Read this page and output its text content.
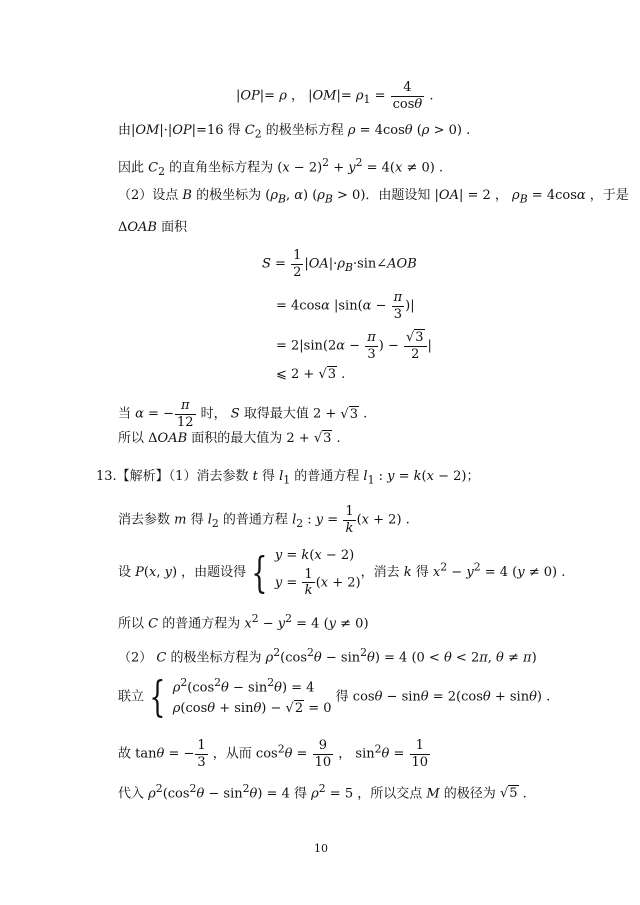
|OP|= ρ ， $|OM|= \rho_1 = \frac{4}{\cos\theta}$ .
由|OM|·|OP|=16 得 $C_2$ 的极坐标方程 ρ = 4cosθ (ρ > 0) .
因此 $C_2$ 的直角坐标方程为 $(x - 2)^2 + y^2 = 4(x \ne 0)$ .
（2）设点 B 的极坐标为 ($\rho_B$, α) $(\rho_B > 0)$．由题设知 |OA| = 2 ， $\rho_B = 4\cos\alpha$ ，于是
ΔOAB 面积
$S = \frac{1}{2}$ $|OA|\cdot\rho_B\cdot\sin\angle AOB$
= 4cosα $|\sin(\alpha - \frac{\pi}{3}$ )|
= $2|\sin(2\alpha - \frac{\pi}{3}$ ) − $\frac{√3}{2}$ |
⩽ 2 + √3 .
当 α = − $\frac{\pi}{12}$ 时， S 取得最大值 2 + √3 .
所以 ΔOAB 面积的最大值为 2 + √3 .
13.【解析】（1）消去参数 t 得 $l_1$ 的普通方程 $l_1$ : y = k(x − 2)；
消去参数 m 得 $l_2$ 的普通方程 $l_2$ : $y = \frac{1}{k} (x + 2)$ .
设 P(x, y) ，由题设得 { y = k(x − 2)
$y = \frac{1}{k} (x + 2)$
，消去 k 得 $x^2 - y^2 = 4$ (y ≠ 0) .
所以 C 的普通方程为 $x^2 - y^2 = 4$ (y ≠ 0)
（2） C 的极坐标方程为 $\rho^2(\cos^2\theta - \sin^2\theta) = 4$ (0 < θ < 2π, θ ≠ π)
联立 { $\rho^2(\cos^2\theta - \sin^2\theta) = 4$
ρ(cosθ + sinθ) − √2 = 0
得 cosθ − sinθ = 2(cosθ + sinθ) .
故 tanθ = − $\frac{1}{3}$ ，从而 $\cos^2\theta = \frac{9}{10}$ ， $\sin^2\theta = \frac{1}{10}$
代入 $\rho^2(\cos^2\theta - \sin^2\theta) = 4$ 得 $\rho^2 = 5$ ，所以交点 M 的极径为 √5 .
10
